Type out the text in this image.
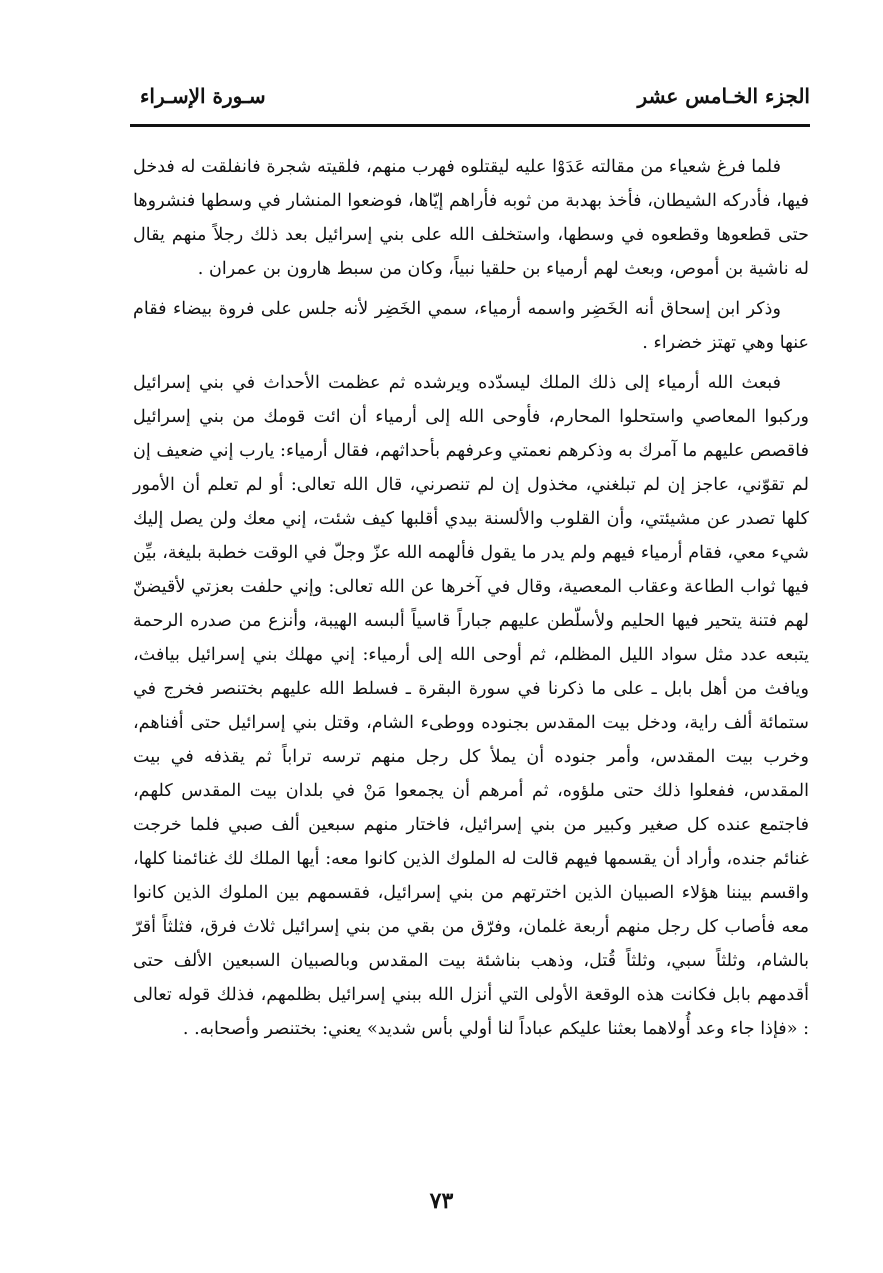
الجزء الخـامس عشر
سـورة الإسـراء

فلما فرغ شعياء من مقالته عَدَوْا عليه ليقتلوه فهرب منهم، فلقيته شجرة فانفلقت له فدخل فيها، فأدركه الشيطان، فأخذ بهدبة من ثوبه فأراهم إيّاها، فوضعوا المنشار في وسطها فنشروها حتى قطعوها وقطعوه في وسطها، واستخلف الله على بني إسرائيل بعد ذلك رجلاً منهم يقال له ناشية بن أموص، وبعث لهم أرمياء بن حلقيا نبياً، وكان من سبط هارون بن عمران .

وذكر ابن إسحاق أنه الخَضِر واسمه أرمياء، سمي الخَضِر لأنه جلس على فروة بيضاء فقام عنها وهي تهتز خضراء .

فبعث الله أرمياء إلى ذلك الملك ليسدّده ويرشده ثم عظمت الأحداث في بني إسرائيل وركبوا المعاصي واستحلوا المحارم، فأوحى الله إلى أرمياء أن ائت قومك من بني إسرائيل فاقصص عليهم ما آمرك به وذكرهم نعمتي وعرفهم بأحداثهم، فقال أرمياء: يارب إني ضعيف إن لم تقوّني، عاجز إن لم تبلغني، مخذول إن لم تنصرني، قال الله تعالى: أو لم تعلم أن الأمور كلها تصدر عن مشيئتي، وأن القلوب والألسنة بيدي أقلبها كيف شئت، إني معك ولن يصل إليك شيء معي، فقام أرمياء فيهم ولم يدر ما يقول فألهمه الله عزّ وجلّ في الوقت خطبة بليغة، بيِّن فيها ثواب الطاعة وعقاب المعصية، وقال في آخرها عن الله تعالى: وإني حلفت بعزتي لأقيضنّ لهم فتنة يتحير فيها الحليم ولأسلّطن عليهم جباراً قاسياً ألبسه الهيبة، وأنزع من صدره الرحمة يتبعه عدد مثل سواد الليل المظلم، ثم أوحى الله إلى أرمياء: إني مهلك بني إسرائيل بيافث، ويافث من أهل بابل ـ على ما ذكرنا في سورة البقرة ـ فسلط الله عليهم بختنصر فخرج في ستمائة ألف راية، ودخل بيت المقدس بجنوده ووطىء الشام، وقتل بني إسرائيل حتى أفناهم، وخرب بيت المقدس، وأمر جنوده أن يملأ كل رجل منهم ترسه تراباً ثم يقذفه في بيت المقدس، ففعلوا ذلك حتى ملؤوه، ثم أمرهم أن يجمعوا مَنْ في بلدان بيت المقدس كلهم، فاجتمع عنده كل صغير وكبير من بني إسرائيل، فاختار منهم سبعين ألف صبي فلما خرجت غنائم جنده، وأراد أن يقسمها فيهم قالت له الملوك الذين كانوا معه: أيها الملك لك غنائمنا كلها، واقسم بيننا هؤلاء الصبيان الذين اخترتهم من بني إسرائيل، فقسمهم بين الملوك الذين كانوا معه فأصاب كل رجل منهم أربعة غلمان، وفرّق من بقي من بني إسرائيل ثلاث فرق، فثلثاً أقرّ بالشام، وثلثاً سبي، وثلثاً قُتل، وذهب بناشئة بيت المقدس وبالصبيان السبعين الألف حتى أقدمهم بابل فكانت هذه الوقعة الأولى التي أنزل الله ببني إسرائيل بظلمهم، فذلك قوله تعالى : «فإذا جاء وعد أُولاهما بعثنا عليكم عباداً لنا أولي بأس شديد» يعني: بختنصر وأصحابه. .

٧٣
